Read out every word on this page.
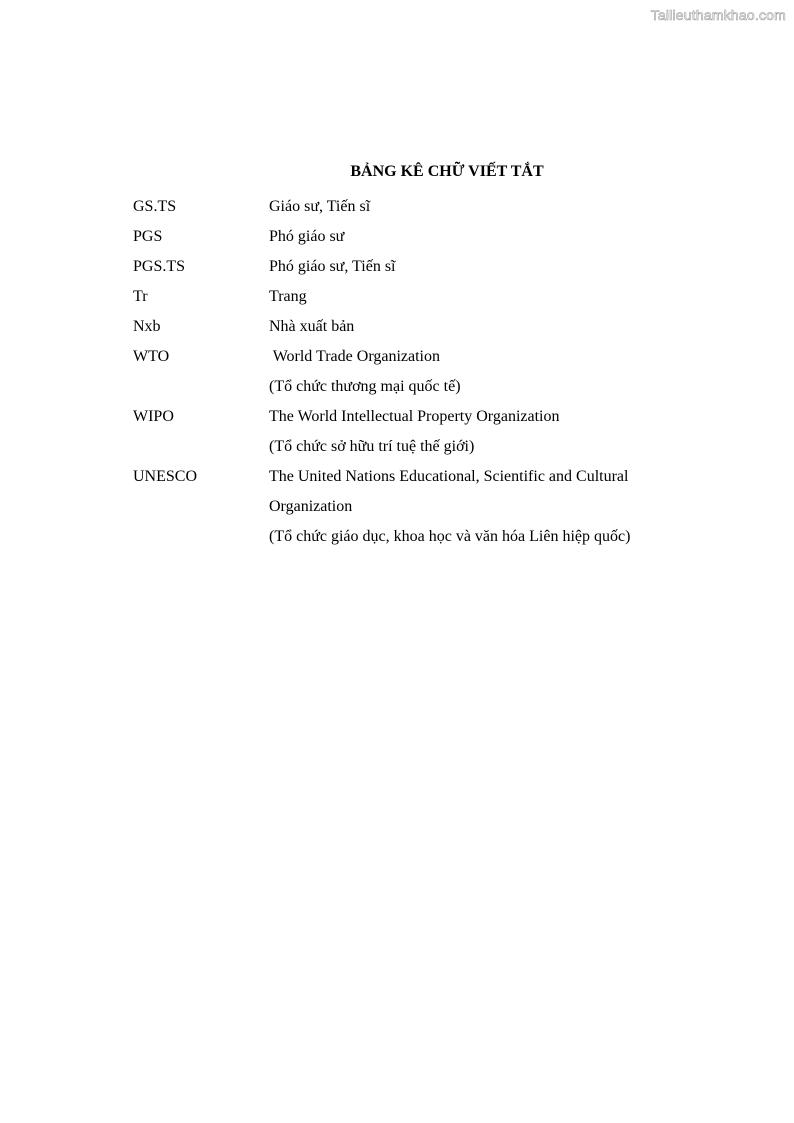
Tailieuthamkhao.com
BẢNG KÊ CHỮ VIẾT TẮT
GS.TS	Giáo sư, Tiến sĩ
PGS	Phó giáo sư
PGS.TS	Phó giáo sư, Tiến sĩ
Tr	Trang
Nxb	Nhà xuất bản
WTO	World Trade Organization
(Tổ chức thương mại quốc tế)
WIPO	The World Intellectual Property Organization
(Tổ chức sở hữu trí tuệ thế giới)
UNESCO	The United Nations Educational, Scientific and Cultural
Organization
(Tổ chức giáo dục, khoa học và văn hóa Liên hiệp quốc)
